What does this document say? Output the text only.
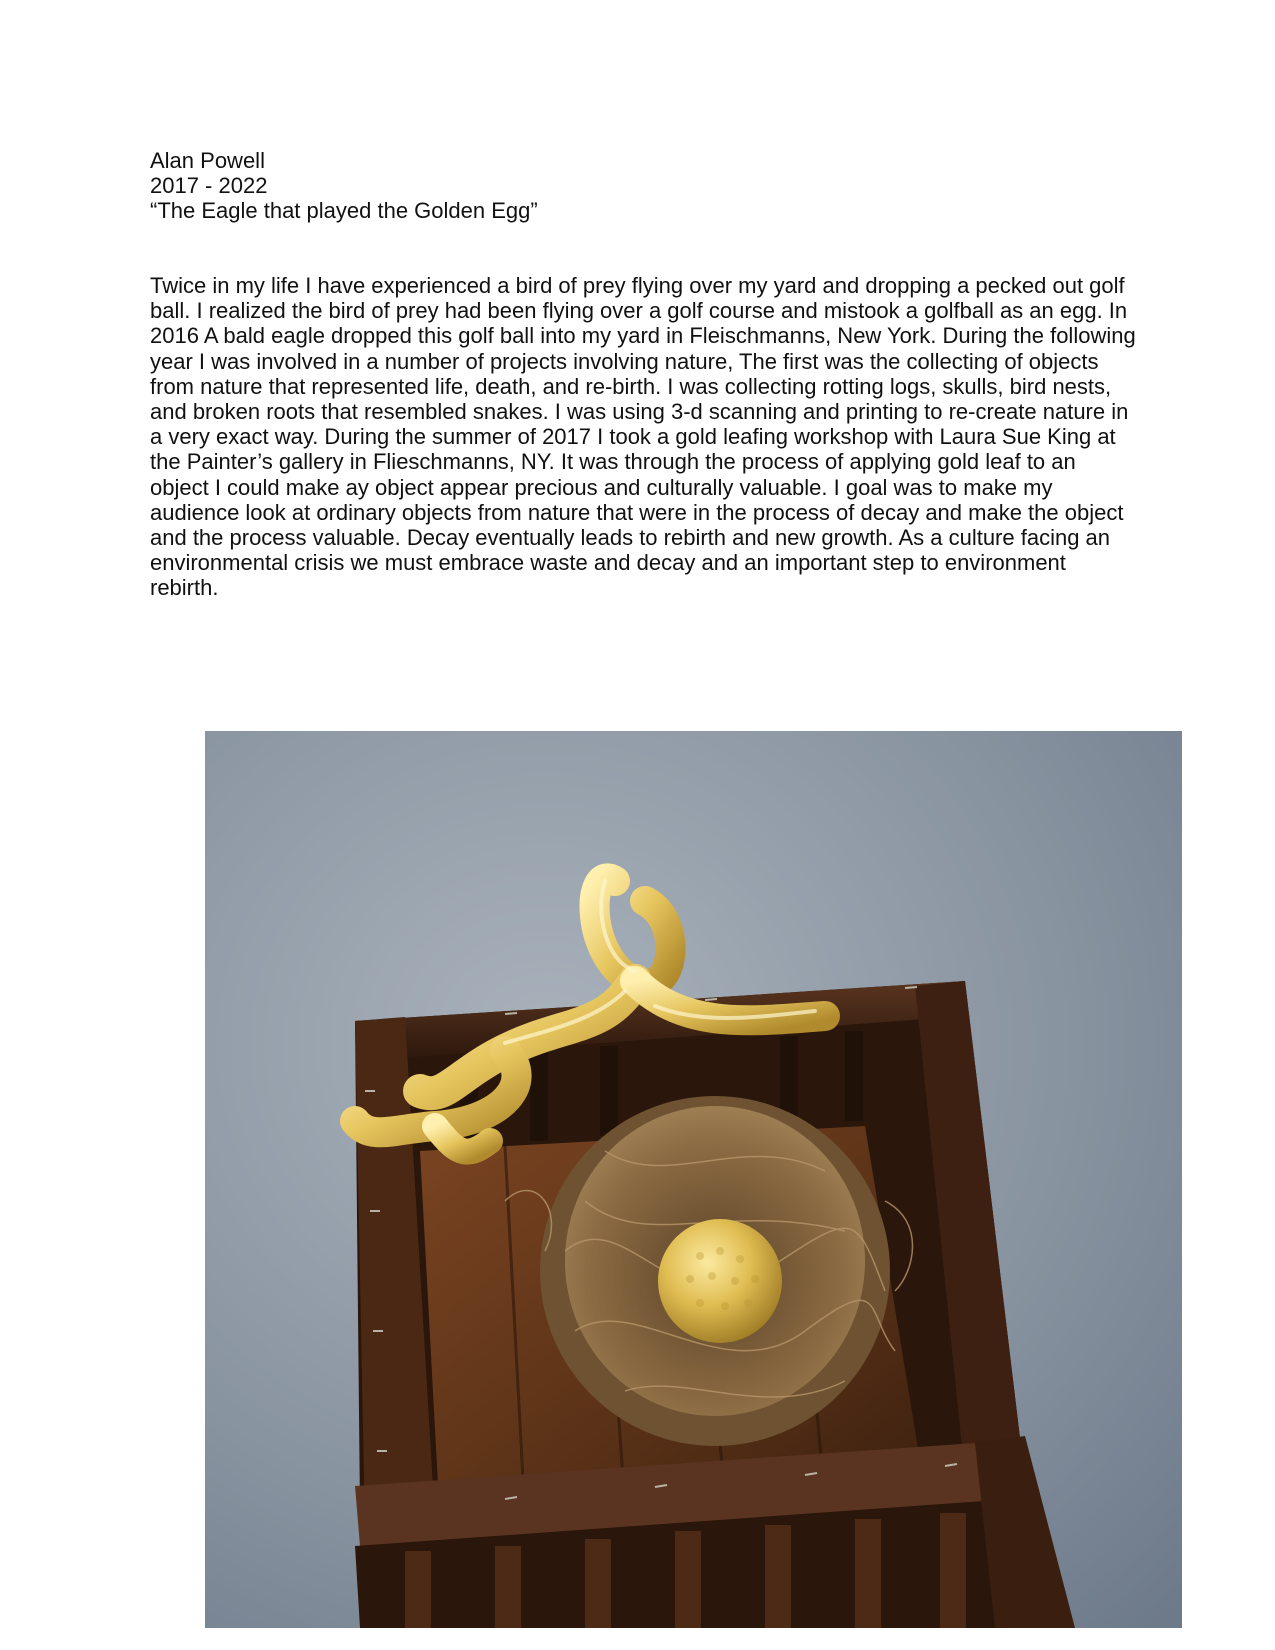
Alan Powell
2017 - 2022
“The Eagle that played the Golden Egg”

Twice in my life I have experienced a bird of prey flying over my yard and dropping a pecked out golf ball. I realized the bird of prey had been flying over a golf course and mistook a golfball as an egg. In 2016 A bald eagle dropped this golf ball into my yard in Fleischmanns, New York. During the following year I was involved in a number of projects involving nature, The first was the collecting of objects from nature that represented life, death, and re-birth. I was collecting rotting logs, skulls, bird nests, and broken roots that resembled snakes. I was using 3-d scanning and printing to re-create nature in a very exact way. During the summer of 2017 I took a gold leafing workshop with Laura Sue King at the Painter’s gallery in Flieschmanns, NY. It was through the process of applying gold leaf to an object I could make ay object appear precious and culturally valuable. I goal was to make my audience look at ordinary objects from nature that were in the process of decay and make the object and the process valuable. Decay eventually leads to rebirth and new growth. As a culture facing an environmental crisis we must embrace waste and decay and an important step to environment rebirth.
